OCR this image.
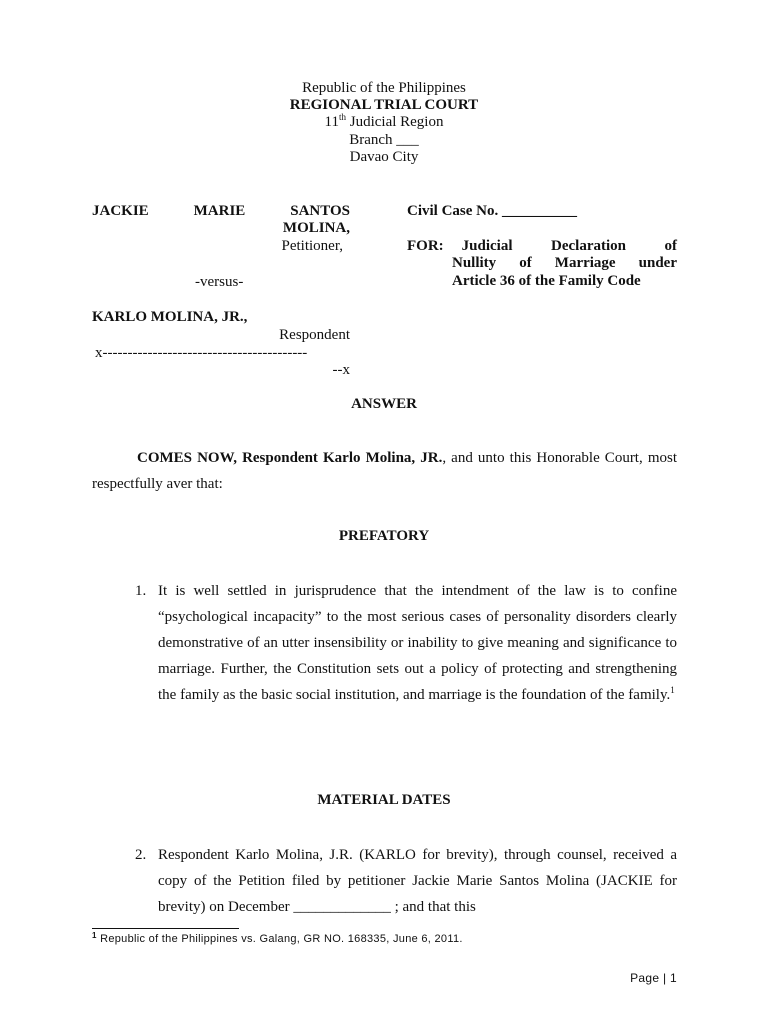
Republic of the Philippines
REGIONAL TRIAL COURT
11th Judicial Region
Branch ___
Davao City
JACKIE	MARIE	SANTOS
MOLINA,
Petitioner,
-versus-
KARLO MOLINA, JR.,
Respondent
x-----------------------------------------
--x
Civil Case No. __________
FOR: Judicial Declaration of
Nullity of Marriage under
Article 36 of the Family Code
ANSWER
COMES NOW, Respondent Karlo Molina, JR., and unto this Honorable Court, most respectfully aver that:
PREFATORY
1. It is well settled in jurisprudence that the intendment of the law is to confine “psychological incapacity” to the most serious cases of personality disorders clearly demonstrative of an utter insensibility or inability to give meaning and significance to marriage. Further, the Constitution sets out a policy of protecting and strengthening the family as the basic social institution, and marriage is the foundation of the family.$^1$
MATERIAL DATES
2. Respondent Karlo Molina, J.R. (KARLO for brevity), through counsel, received a copy of the Petition filed by petitioner Jackie Marie Santos Molina (JACKIE for brevity) on December _____________ ; and that this
$^1$ Republic of the Philippines vs. Galang, GR NO. 168335, June 6, 2011.
Page | 1
